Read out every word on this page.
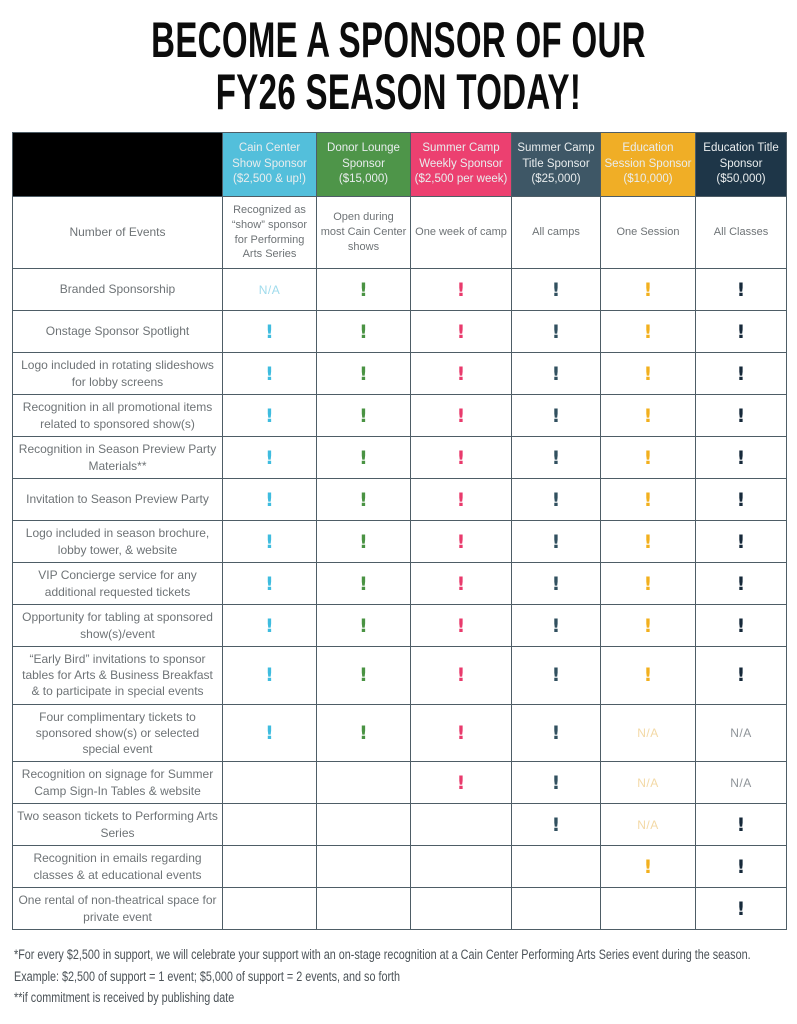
BECOME A SPONSOR OF OUR
FY26 SEASON TODAY!
	Cain Center Show Sponsor ($2,500 & up!)	Donor Lounge Sponsor ($15,000)	Summer Camp Weekly Sponsor ($2,500 per week)	Summer Camp Title Sponsor ($25,000)	Education Session Sponsor ($10,000)	Education Title Sponsor ($50,000)
Number of Events	Recognized as “show” sponsor for Performing Arts Series	Open during most Cain Center shows	One week of camp	All camps	One Session	All Classes
Branded Sponsorship	N/A	!	!	!	!	!
Onstage Sponsor Spotlight	!	!	!	!	!	!
Logo included in rotating slideshows for lobby screens	!	!	!	!	!	!
Recognition in all promotional items related to sponsored show(s)	!	!	!	!	!	!
Recognition in Season Preview Party Materials**	!	!	!	!	!	!
Invitation to Season Preview Party	!	!	!	!	!	!
Logo included in season brochure, lobby tower, & website	!	!	!	!	!	!
VIP Concierge service for any additional requested tickets	!	!	!	!	!	!
Opportunity for tabling at sponsored show(s)/event	!	!	!	!	!	!
“Early Bird” invitations to sponsor tables for Arts & Business Breakfast & to participate in special events	!	!	!	!	!	!
Four complimentary tickets to sponsored show(s) or selected special event	!	!	!	!	N/A	N/A
Recognition on signage for Summer Camp Sign-In Tables & website			!	!	N/A	N/A
Two season tickets to Performing Arts Series				!	N/A	!
Recognition in emails regarding classes & at educational events					!	!
One rental of non-theatrical space for private event						!
*For every $2,500 in support, we will celebrate your support with an on-stage recognition at a Cain Center Performing Arts Series event during the season.
Example: $2,500 of support = 1 event; $5,000 of support = 2 events, and so forth
**if commitment is received by publishing date
